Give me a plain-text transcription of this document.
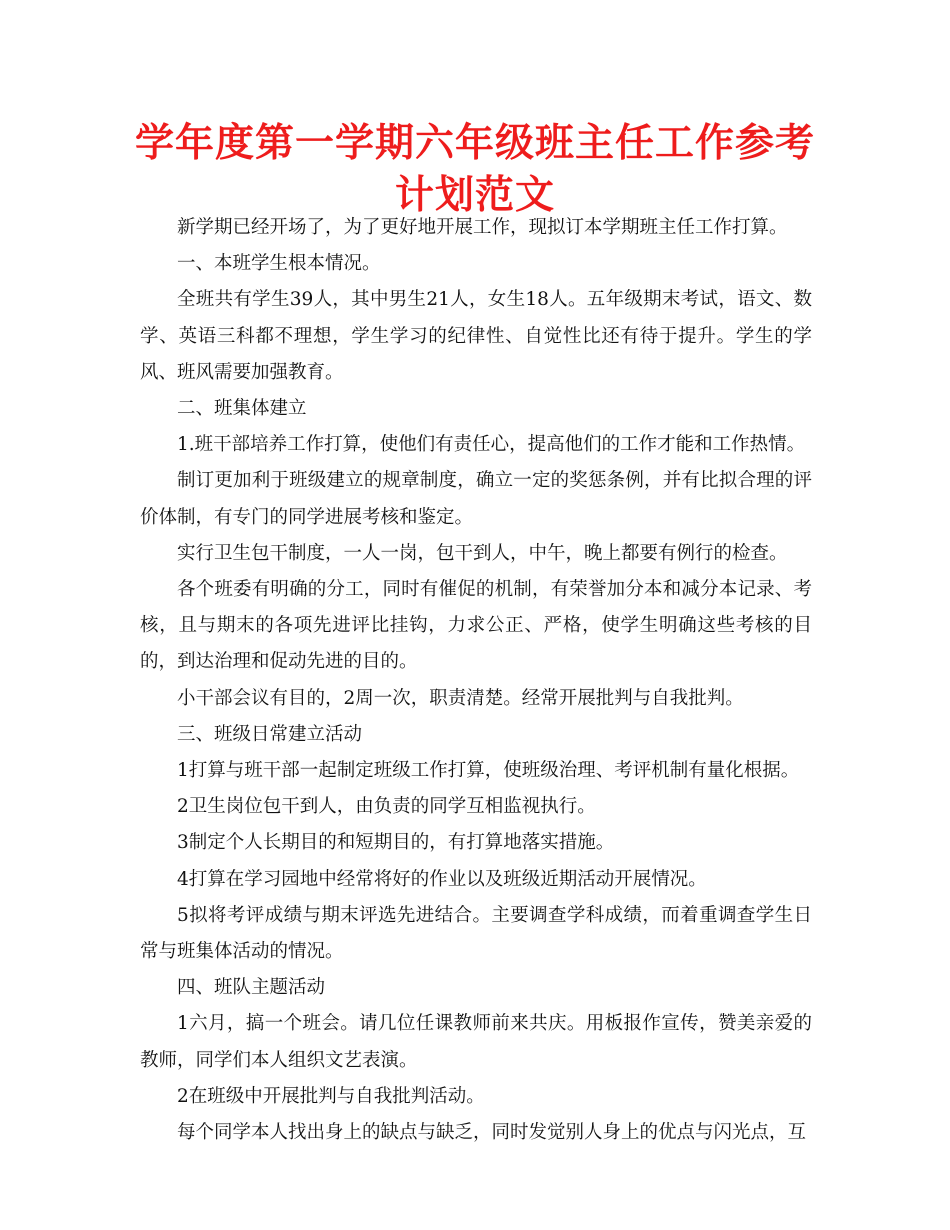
学年度第一学期六年级班主任工作参考计划范文

新学期已经开场了，为了更好地开展工作，现拟订本学期班主任工作打算。

一、本班学生根本情况。

全班共有学生39人，其中男生21人，女生18人。五年级期末考试，语文、数学、英语三科都不理想，学生学习的纪律性、自觉性比还有待于提升。学生的学风、班风需要加强教育。

二、班集体建立

1.班干部培养工作打算，使他们有责任心，提高他们的工作才能和工作热情。

制订更加利于班级建立的规章制度，确立一定的奖惩条例，并有比拟合理的评价体制，有专门的同学进展考核和鉴定。

实行卫生包干制度，一人一岗，包干到人，中午，晚上都要有例行的检查。

各个班委有明确的分工，同时有催促的机制，有荣誉加分本和减分本记录、考核，且与期末的各项先进评比挂钩，力求公正、严格，使学生明确这些考核的目的，到达治理和促动先进的目的。

小干部会议有目的，2周一次，职责清楚。经常开展批判与自我批判。

三、班级日常建立活动

1打算与班干部一起制定班级工作打算，使班级治理、考评机制有量化根据。

2卫生岗位包干到人，由负责的同学互相监视执行。

3制定个人长期目的和短期目的，有打算地落实措施。

4打算在学习园地中经常将好的作业以及班级近期活动开展情况。

5拟将考评成绩与期末评选先进结合。主要调查学科成绩，而着重调查学生日常与班集体活动的情况。

四、班队主题活动

1六月，搞一个班会。请几位任课教师前来共庆。用板报作宣传，赞美亲爱的教师，同学们本人组织文艺表演。

2在班级中开展批判与自我批判活动。

每个同学本人找出身上的缺点与缺乏，同时发觉别人身上的优点与闪光点，互
